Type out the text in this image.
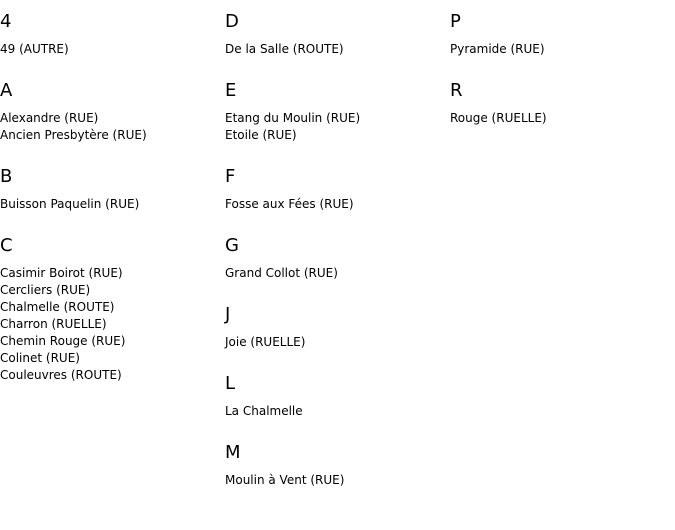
4
49 (AUTRE)
A
Alexandre (RUE)
Ancien Presbytère (RUE)
B
Buisson Paquelin (RUE)
C
Casimir Boirot (RUE)
Cercliers (RUE)
Chalmelle (ROUTE)
Charron (RUELLE)
Chemin Rouge (RUE)
Colinet (RUE)
Couleuvres (ROUTE)
D
De la Salle (ROUTE)
E
Etang du Moulin (RUE)
Etoile (RUE)
F
Fosse aux Fées (RUE)
G
Grand Collot (RUE)
J
Joie (RUELLE)
L
La Chalmelle
M
Moulin à Vent (RUE)
P
Pyramide (RUE)
R
Rouge (RUELLE)
